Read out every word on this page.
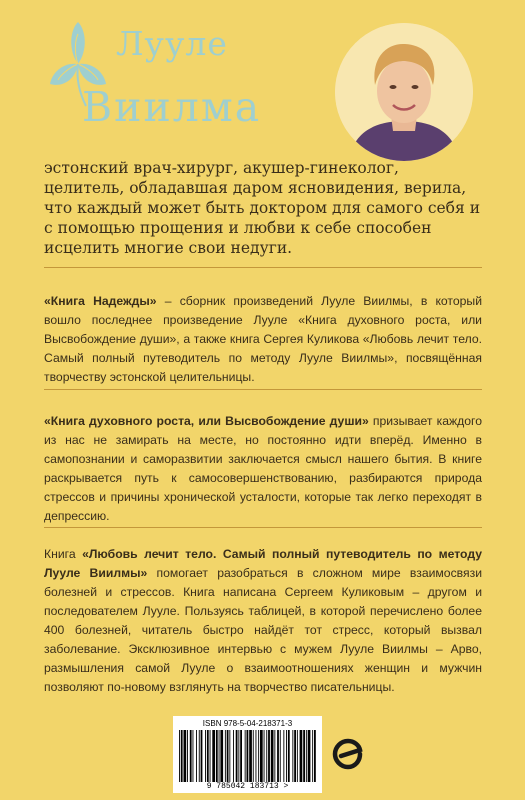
Лууле
Виилма
эстонский врач-хирург, акушер-гинеколог, целитель, обладавшая даром ясновидения, верила, что каждый может быть доктором для самого себя и с помощью прощения и любви к себе способен исцелить многие свои недуги.
«Книга Надежды» – сборник произведений Лууле Виилмы, в который вошло последнее произведение Лууле «Книга духовного роста, или Высвобождение души», а также книга Сергея Куликова «Любовь лечит тело. Самый полный путеводитель по методу Лууле Виилмы», посвящённая творчеству эстонской целительницы.
«Книга духовного роста, или Высвобождение души» призывает каждого из нас не замирать на месте, но постоянно идти вперёд. Именно в самопознании и саморазвитии заключается смысл нашего бытия. В книге раскрывается путь к самосовершенствованию, разбираются природа стрессов и причины хронической усталости, которые так легко переходят в депрессию.
Книга «Любовь лечит тело. Самый полный путеводитель по методу Лууле Виилмы» помогает разобраться в сложном мире взаимосвязи болезней и стрессов. Книга написана Сергеем Куликовым – другом и последователем Лууле. Пользуясь таблицей, в которой перечислено более 400 болезней, читатель быстро найдёт тот стресс, который вызвал заболевание. Эксклюзивное интервью с мужем Лууле Виилмы – Арво, размышления самой Лууле о взаимоотношениях женщин и мужчин позволяют по-новому взглянуть на творчество писательницы.
ISBN 978-5-04-218371-3
9 785042 183713 >
